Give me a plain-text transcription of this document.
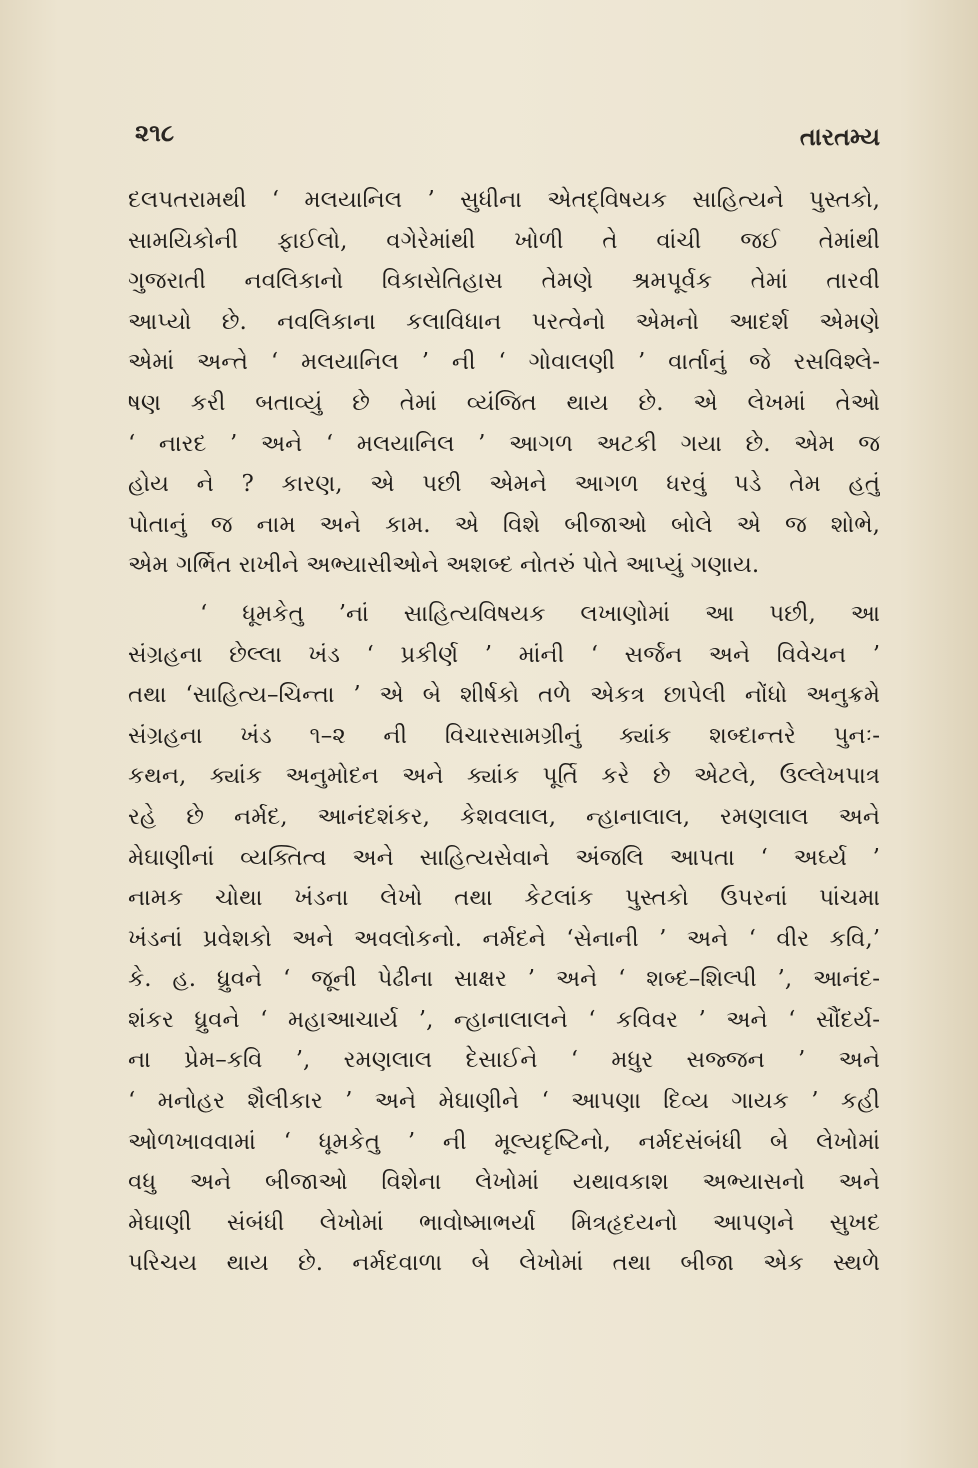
૨૧૮	તારતમ્ય
દલપતરામથી ‘ મલયાનિલ ’ સુધીના એતદ્‌વિષયક સાહિત્યને પુસ્તકો,
સામયિકોની ફાઈલો, વગેરેમાંથી ખોળી તે વાંચી જઈ તેમાંથી
ગુજરાતી નવલિકાનો વિકાસેતિહાસ તેમણે શ્રમપૂર્વક તેમાં તારવી
આપ્યો છે. નવલિકાના કલાવિધાન પરત્વેનો એમનો આદર્શ એમણે
એમાં અન્તે ‘ મલયાનિલ ’ ની ‘ ગોવાલણી ’ વાર્તાનું જે રસવિશ્લે-
ષણ કરી બતાવ્યું છે તેમાં વ્યંજિત થાય છે. એ લેખમાં તેઓ
‘ નારદ ’ અને ‘ મલયાનિલ ’ આગળ અટકી ગયા છે. એમ જ
હોય ને ? કારણ, એ પછી એમને આગળ ધરવું પડે તેમ હતું
પોતાનું જ નામ અને કામ. એ વિશે બીજાઓ બોલે એ જ શોભે,
એમ ગર્ભિત રાખીને અભ્યાસીઓને અશબ્દ નોતરું પોતે આપ્યું ગણાય.
‘ ધૂમકેતુ ’નાં સાહિત્યવિષયક લખાણોમાં આ પછી, આ
સંગ્રહના છેલ્લા ખંડ ‘ પ્રકીર્ણ ’ માંની ‘ સર્જન અને વિવેચન ’
તથા ‘સાહિત્ય–ચિન્તા ’ એ બે શીર્ષકો તળે એકત્ર છાપેલી નોંધો અનુક્રમે
સંગ્રહના ખંડ ૧–૨ ની વિચારસામગ્રીનું ક્યાંક શબ્દાન્તરે પુનઃ-
કથન, ક્યાંક અનુમોદન અને ક્યાંક પૂર્તિ કરે છે એટલે, ઉલ્લેખપાત્ર
રહે છે નર્મદ, આનંદશંકર, કેશવલાલ, ન્હાનાલાલ, રમણલાલ અને
મેઘાણીનાં વ્યક્તિત્વ અને સાહિત્યસેવાને અંજલિ આપતા ‘ અર્ઘ્ય ’
નામક ચોથા ખંડના લેખો તથા કેટલાંક પુસ્તકો ઉપરનાં પાંચમા
ખંડનાં પ્રવેશકો અને અવલોકનો. નર્મદને ‘સેનાની ’ અને ‘ વીર કવિ,’
કે. હ. ધ્રુવને ‘ જૂની પેઢીના સાક્ષર ’ અને ‘ શબ્દ–શિલ્પી ’, આનંદ-
શંકર ધ્રુવને ‘ મહાઆચાર્ય ’, ન્હાનાલાલને ‘ કવિવર ’ અને ‘ સૌંદર્ય-
ના પ્રેમ–કવિ ’, રમણલાલ દેસાઈને ‘ મધુર સજ્જન ’ અને
‘ મનોહર શૈલીકાર ’ અને મેઘાણીને ‘ આપણા દિવ્ય ગાયક ’ કહી
ઓળખાવવામાં ‘ ધૂમકેતુ ’ ની મૂલ્યદૃષ્ટિનો, નર્મદસંબંધી બે લેખોમાં
વધુ અને બીજાઓ વિશેના લેખોમાં યથાવકાશ અભ્યાસનો અને
મેઘાણી સંબંધી લેખોમાં ભાવોષ્માભર્યા મિત્રહૃદયનો આપણને સુખદ
પરિચય થાય છે. નર્મદવાળા બે લેખોમાં તથા બીજા એક સ્થળે
